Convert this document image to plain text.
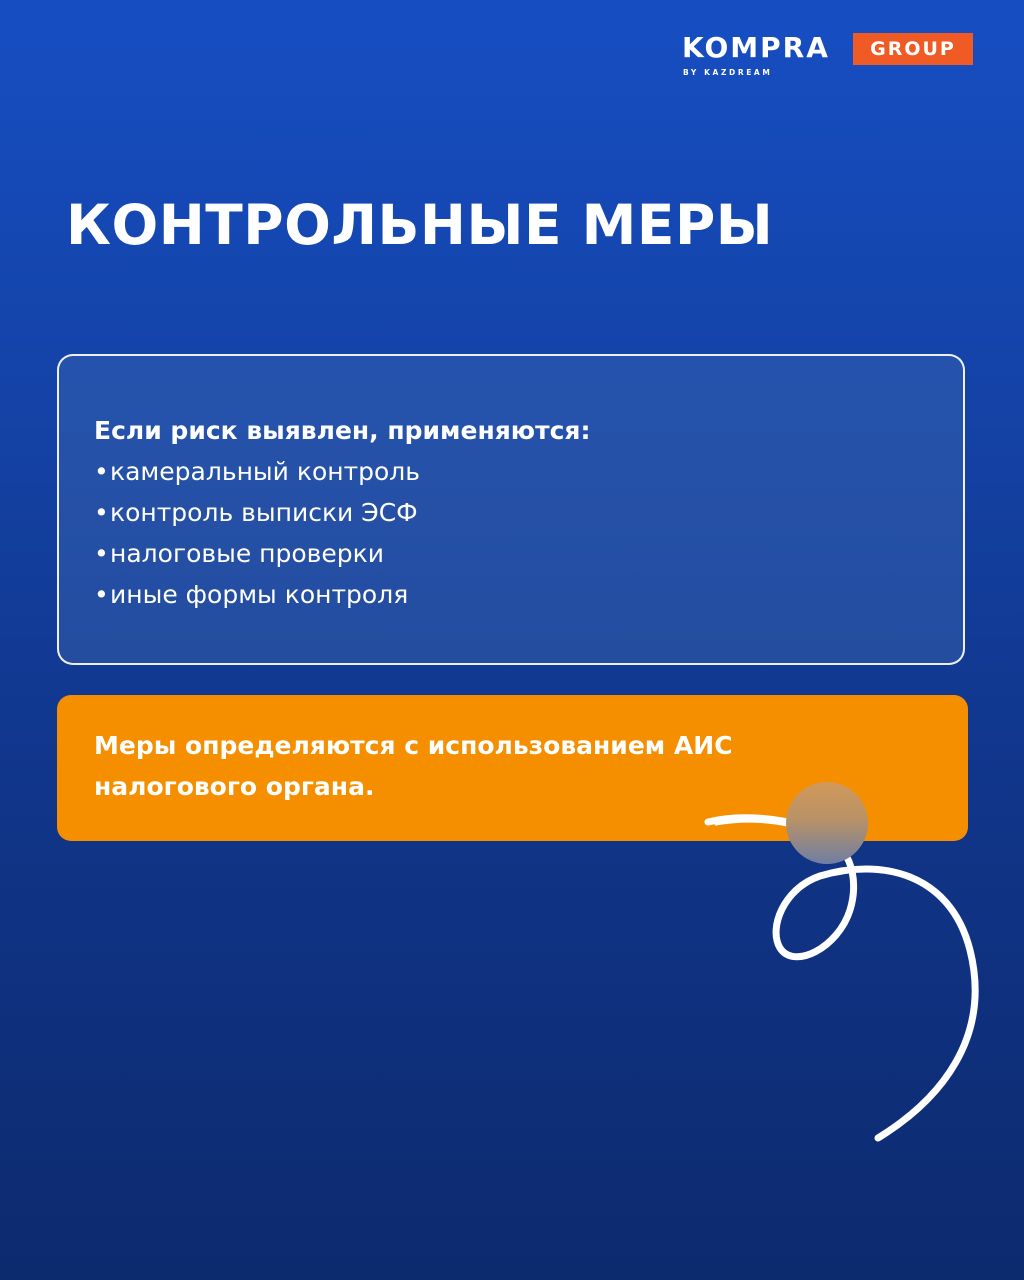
KOMPRA	GROUP
BY KAZDREAM
КОНТРОЛЬНЫЕ МЕРЫ

Если риск выявлен, применяются:

•камеральный контроль
•контроль выписки ЭСФ
•налоговые проверки
•иные формы контроля

Меры определяются с использованием АИС налогового органа.
